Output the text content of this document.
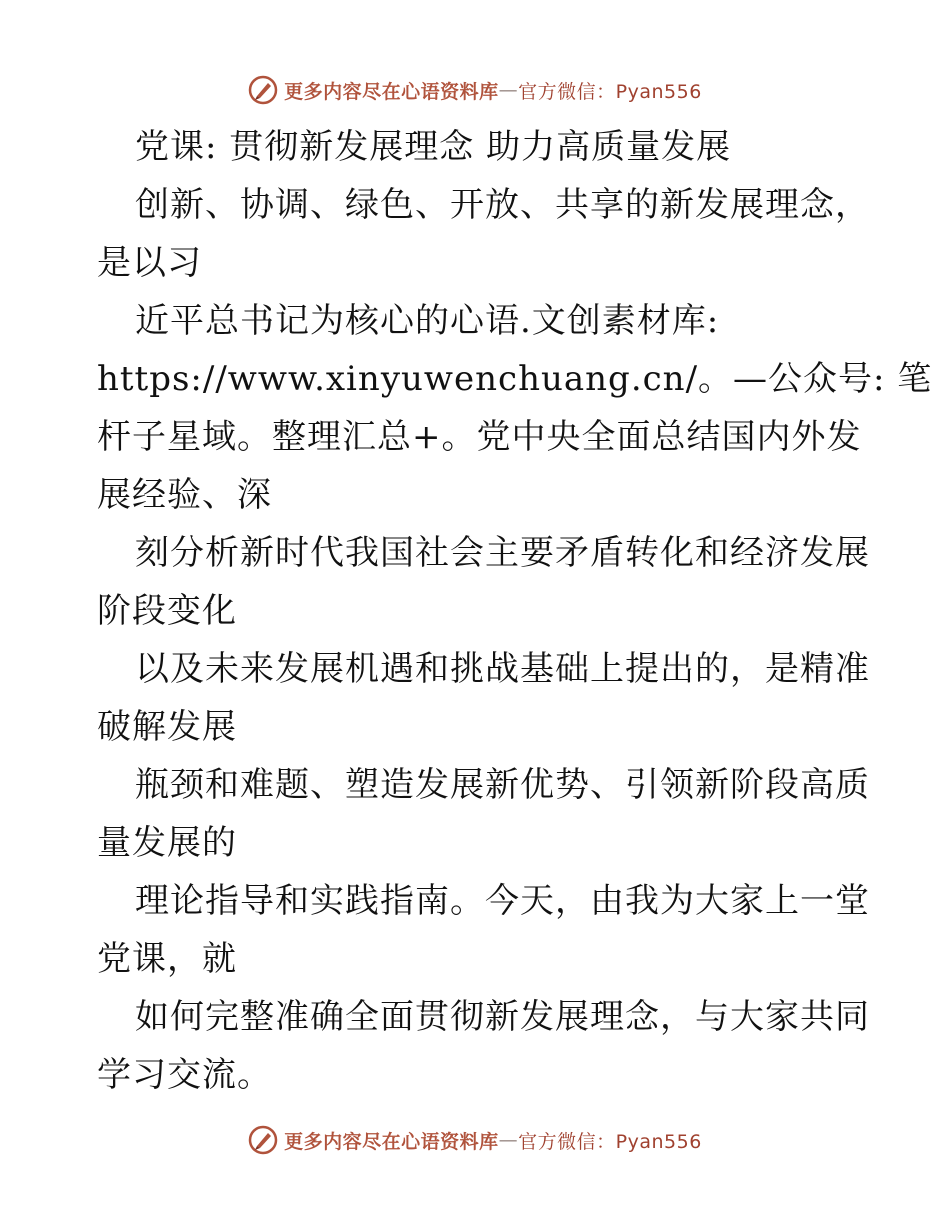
更多内容尽在心语资料库 — 官方微信：Pyan556
党课: 贯彻新发展理念 助力高质量发展
创新、协调、绿色、开放、共享的新发展理念，
是以习
近平总书记为核心的心语.文创素材库:
https://www.xinyuwenchuang.cn/。—公众号: 笔
杆子星域。整理汇总+。党中央全面总结国内外发
展经验、深
刻分析新时代我国社会主要矛盾转化和经济发展
阶段变化
以及未来发展机遇和挑战基础上提出的，是精准
破解发展
瓶颈和难题、塑造发展新优势、引领新阶段高质
量发展的
理论指导和实践指南。今天，由我为大家上一堂
党课，就
如何完整准确全面贯彻新发展理念，与大家共同
学习交流。
更多内容尽在心语资料库 — 官方微信：Pyan556
